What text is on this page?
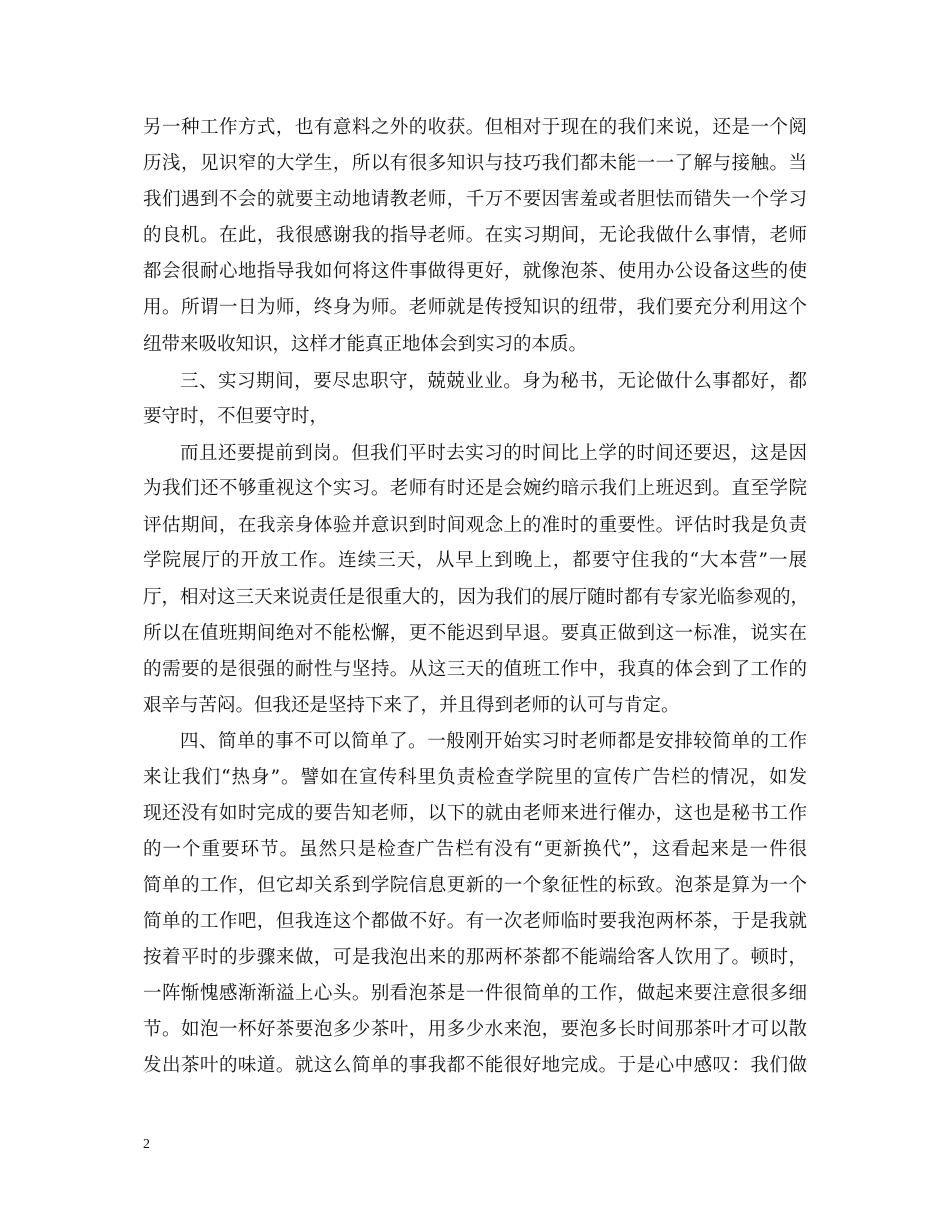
另一种工作方式，也有意料之外的收获。但相对于现在的我们来说，还是一个阅
历浅，见识窄的大学生，所以有很多知识与技巧我们都未能一一了解与接触。当
我们遇到不会的就要主动地请教老师，千万不要因害羞或者胆怯而错失一个学习
的良机。在此，我很感谢我的指导老师。在实习期间，无论我做什么事情，老师
都会很耐心地指导我如何将这件事做得更好，就像泡茶、使用办公设备这些的使
用。所谓一日为师，终身为师。老师就是传授知识的纽带，我们要充分利用这个
纽带来吸收知识，这样才能真正地体会到实习的本质。
三、实习期间，要尽忠职守，兢兢业业。身为秘书，无论做什么事都好，都
要守时，不但要守时，
而且还要提前到岗。但我们平时去实习的时间比上学的时间还要迟，这是因
为我们还不够重视这个实习。老师有时还是会婉约暗示我们上班迟到。直至学院
评估期间，在我亲身体验并意识到时间观念上的准时的重要性。评估时我是负责
学院展厅的开放工作。连续三天，从早上到晚上，都要守住我的“大本营”一展
厅，相对这三天来说责任是很重大的，因为我们的展厅随时都有专家光临参观的，
所以在值班期间绝对不能松懈，更不能迟到早退。要真正做到这一标准，说实在
的需要的是很强的耐性与坚持。从这三天的值班工作中，我真的体会到了工作的
艰辛与苦闷。但我还是坚持下来了，并且得到老师的认可与肯定。
四、简单的事不可以简单了。一般刚开始实习时老师都是安排较简单的工作
来让我们“热身”。譬如在宣传科里负责检查学院里的宣传广告栏的情况，如发
现还没有如时完成的要告知老师，以下的就由老师来进行催办，这也是秘书工作
的一个重要环节。虽然只是检查广告栏有没有“更新换代”，这看起来是一件很
简单的工作，但它却关系到学院信息更新的一个象征性的标致。泡茶是算为一个
简单的工作吧，但我连这个都做不好。有一次老师临时要我泡两杯茶，于是我就
按着平时的步骤来做，可是我泡出来的那两杯茶都不能端给客人饮用了。顿时，
一阵惭愧感渐渐溢上心头。别看泡茶是一件很简单的工作，做起来要注意很多细
节。如泡一杯好茶要泡多少茶叶，用多少水来泡，要泡多长时间那茶叶才可以散
发出茶叶的味道。就这么简单的事我都不能很好地完成。于是心中感叹：我们做
2
